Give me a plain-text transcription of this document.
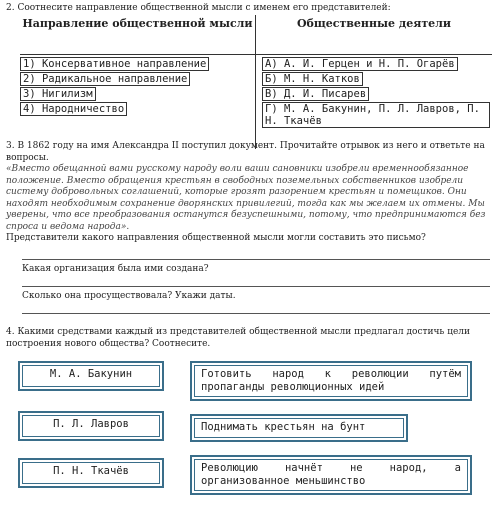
2. Соотнесите направление общественной мысли с именем его представителей:
Направление общественной мысли	Общественные деятели
1) Консервативное направление
2) Радикальное направление
3) Нигилизм
4) Народничество
А) А. И. Герцен и Н. П. Огарёв
Б) М. Н. Катков
В) Д. И. Писарев
Г) М. А. Бакунин, П. Л. Лавров, П. Н. Ткачёв
3. В 1862 году на имя Александра II поступил документ. Прочитайте отрывок из него и ответьте на вопросы.
«Вместо обещанной вами русскому народу воли ваши сановники изобрели временнообязанное положение. Вместо обращения крестьян в свободных поземельных собственников изобрели систему добровольных соглашений, которые грозят разорением крестьян и помещиков. Они находят необходимым сохранение дворянских привилегий, тогда как мы желаем их отмены. Мы уверены, что все преобразования останутся безуспешными, потому, что предпринимаются без спроса и ведома народа».
Представители какого направления общественной мысли могли составить это письмо?
Какая организация была ими создана?
Сколько она просуществовала? Укажи даты.
4. Какими средствами каждый из представителей общественной мысли предлагал достичь цели построения нового общества? Соотнесите.
М. А. Бакунин
П. Л. Лавров
П. Н. Ткачёв
Готовить народ к революции путём пропаганды революционных идей
Поднимать крестьян на бунт
Революцию начнёт не народ, а организованное меньшинство
